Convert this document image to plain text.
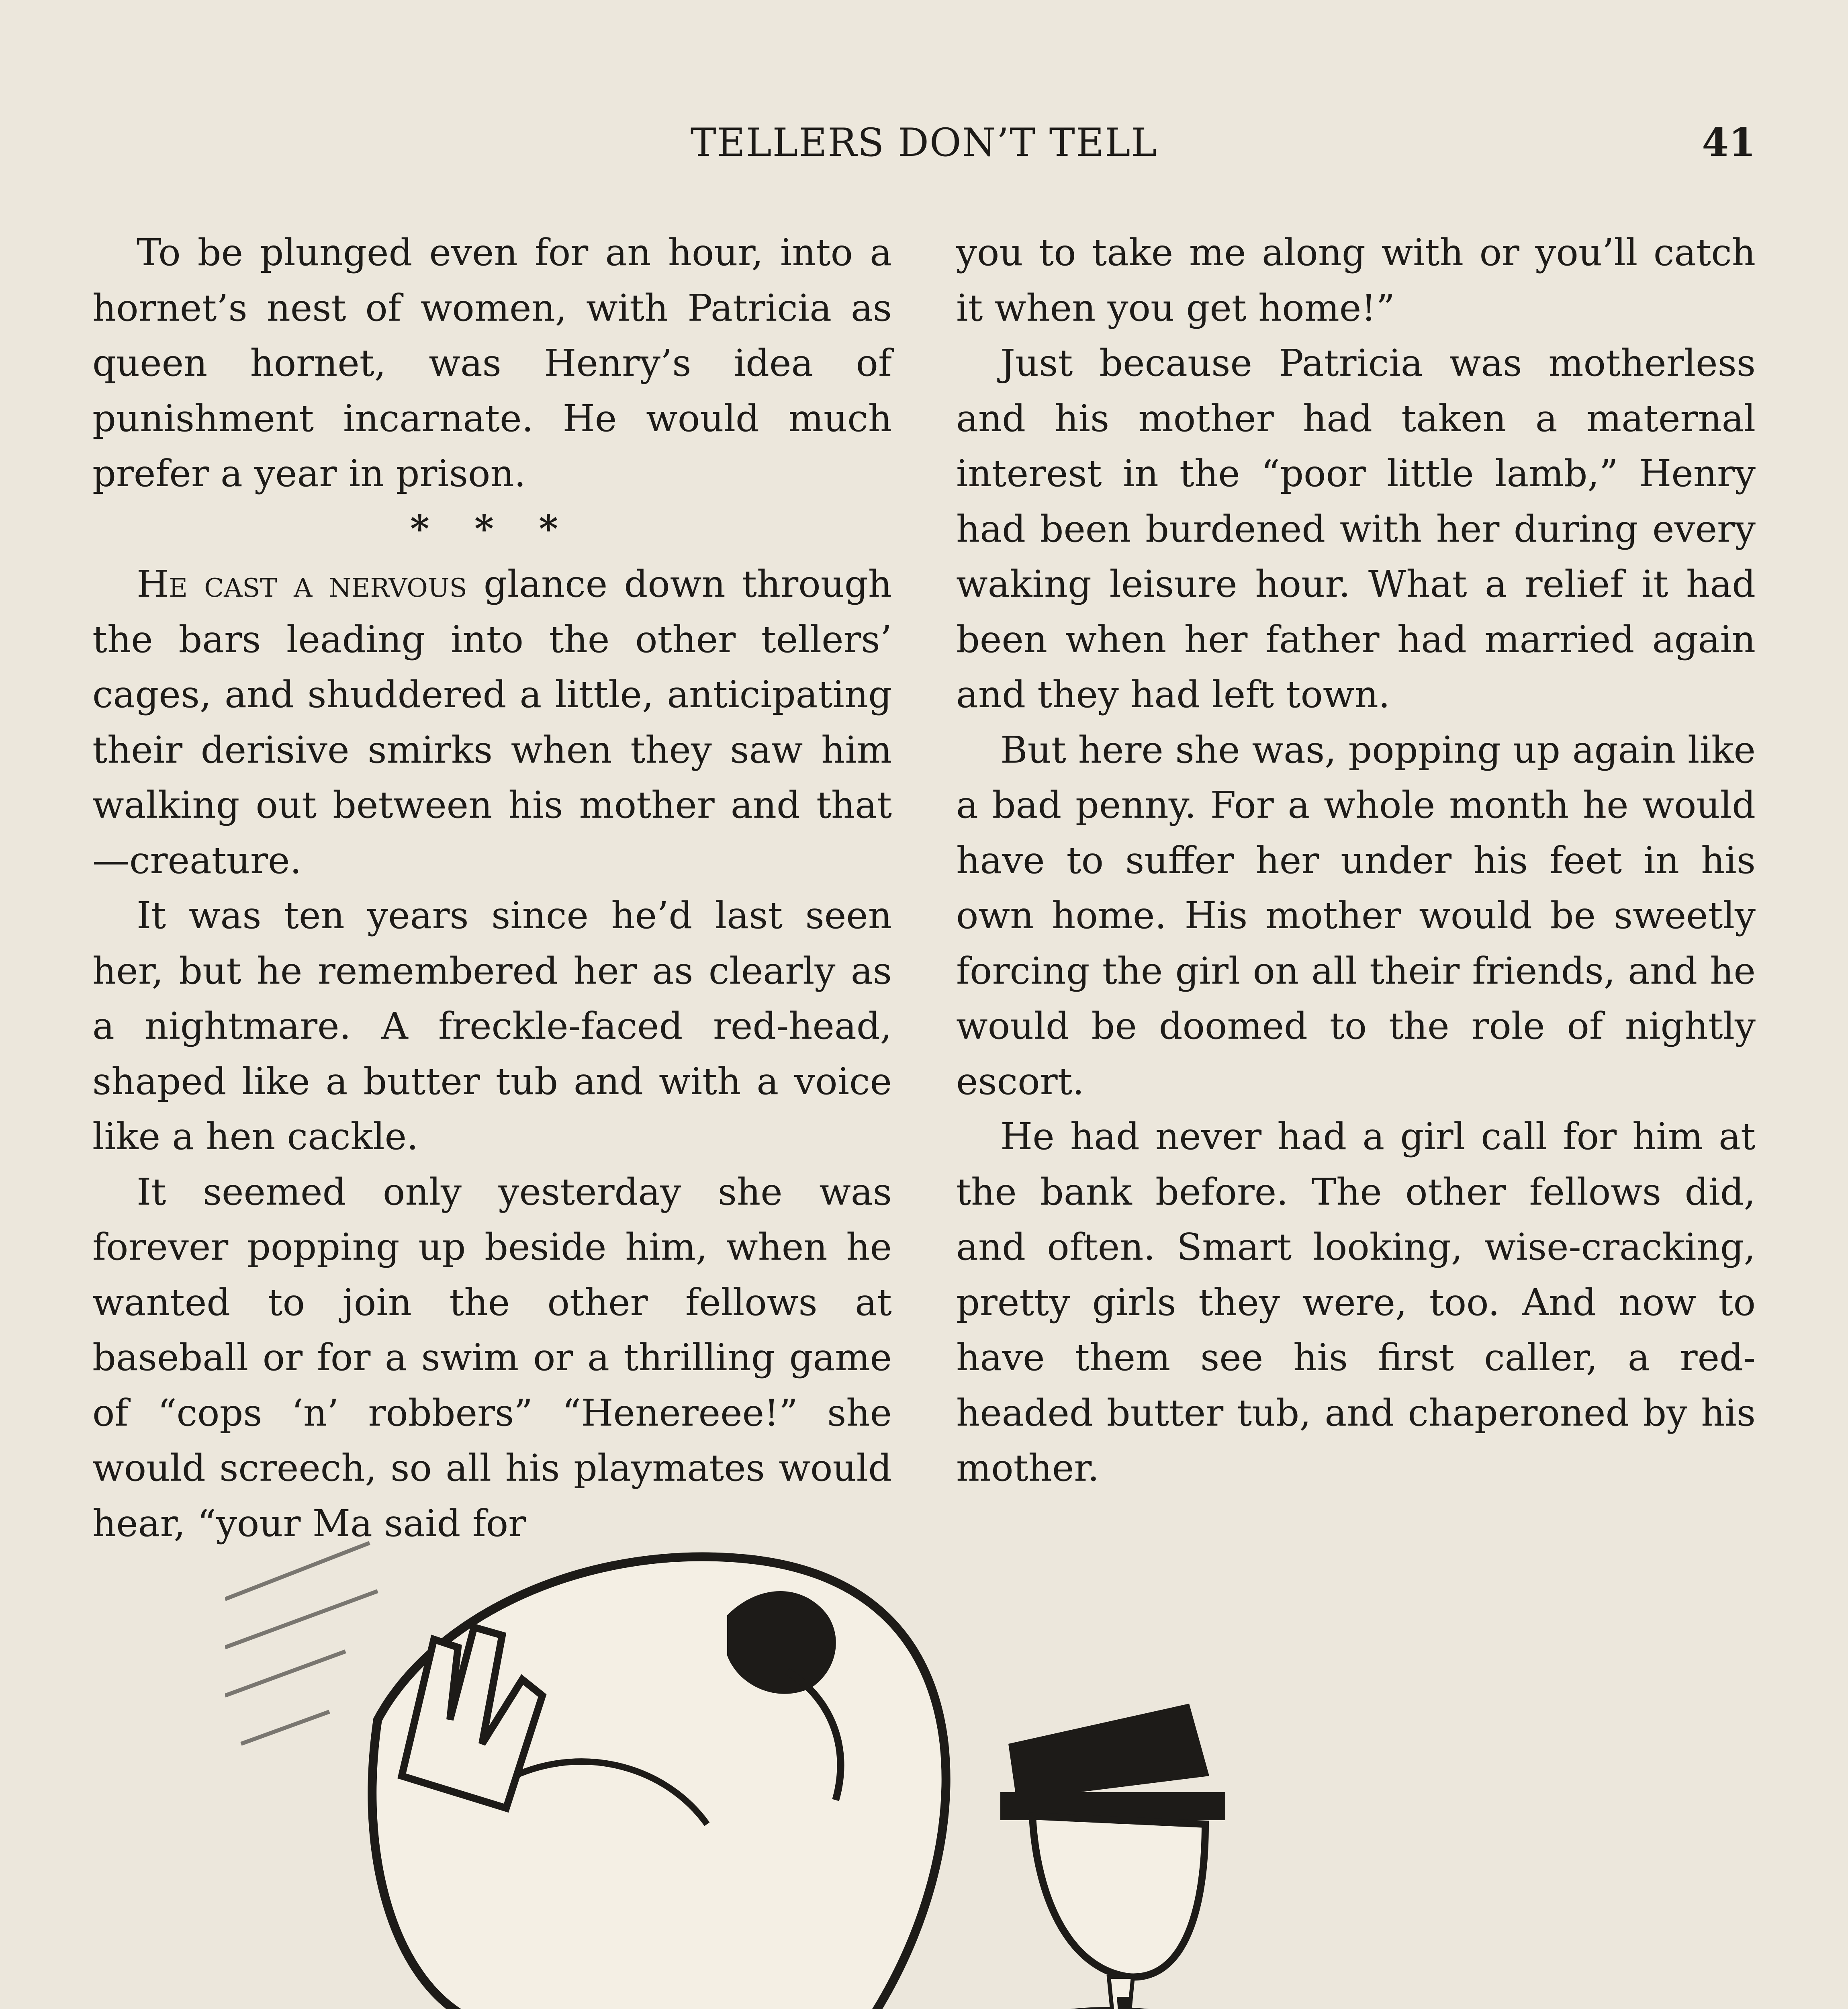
TELLERS DON’T TELL	41

To be plunged even for an hour, into a hornet’s nest of women, with Patricia as queen hornet, was Henry’s idea of punishment incarnate. He would much prefer a year in prison.

* * *

He cast a nervous glance down through the bars leading into the other tellers’ cages, and shuddered a little, anticipating their derisive smirks when they saw him walking out between his mother and that—creature.

It was ten years since he’d last seen her, but he remembered her as clearly as a nightmare. A freckle-faced red-head, shaped like a butter tub and with a voice like a hen cackle.

It seemed only yesterday she was forever popping up beside him, when he wanted to join the other fellows at baseball or for a swim or a thrilling game of “cops ‘n’ robbers” “Henereee!” she would screech, so all his playmates would hear, “your Ma said for

you to take me along with or you’ll catch it when you get home!”

Just because Patricia was motherless and his mother had taken a maternal interest in the “poor little lamb,” Henry had been burdened with her during every waking leisure hour. What a relief it had been when her father had married again and they had left town.

But here she was, popping up again like a bad penny. For a whole month he would have to suffer her under his feet in his own home. His mother would be sweetly forcing the girl on all their friends, and he would be doomed to the role of nightly escort.

He had never had a girl call for him at the bank before. The other fellows did, and often. Smart looking, wise-cracking, pretty girls they were, too. And now to have them see his first caller, a red-headed butter tub, and chaperoned by his mother.
